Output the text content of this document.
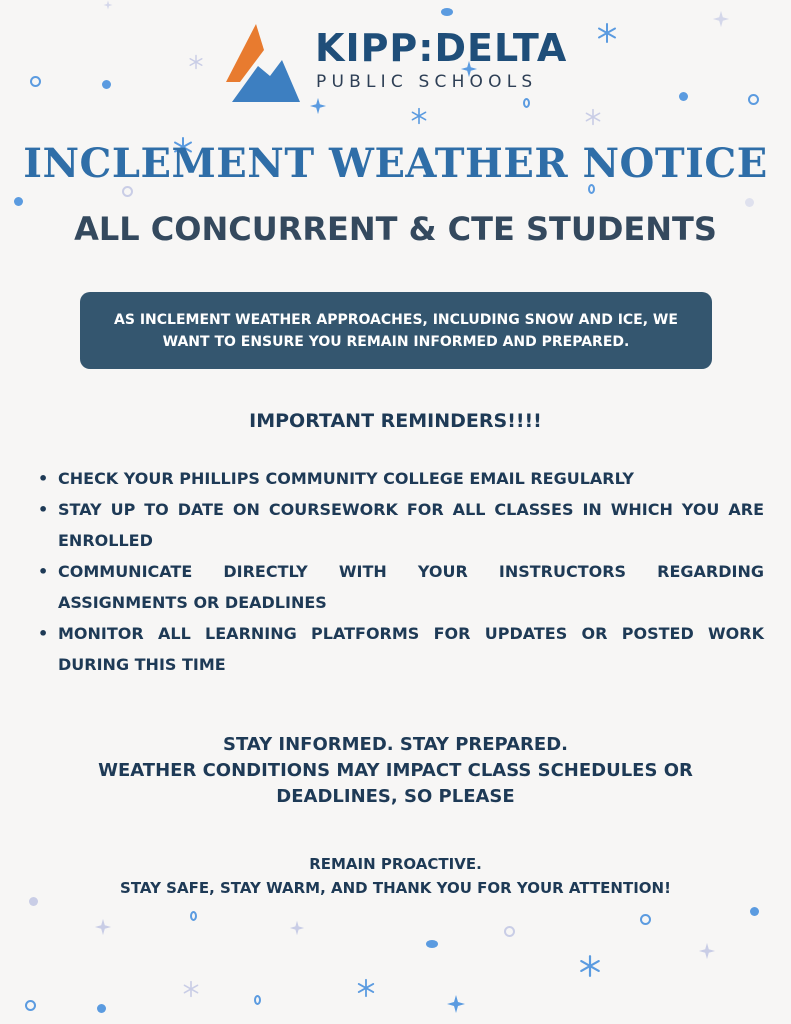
KIPP:DELTA
PUBLIC SCHOOLS
INCLEMENT WEATHER NOTICE
ALL CONCURRENT & CTE STUDENTS
AS INCLEMENT WEATHER APPROACHES, INCLUDING SNOW AND ICE, WE
WANT TO ENSURE YOU REMAIN INFORMED AND PREPARED.
IMPORTANT REMINDERS!!!!
• CHECK YOUR PHILLIPS COMMUNITY COLLEGE EMAIL REGULARLY
• STAY UP TO DATE ON COURSEWORK FOR ALL CLASSES IN WHICH YOU ARE ENROLLED
• COMMUNICATE DIRECTLY WITH YOUR INSTRUCTORS REGARDING ASSIGNMENTS OR DEADLINES
• MONITOR ALL LEARNING PLATFORMS FOR UPDATES OR POSTED WORK DURING THIS TIME
STAY INFORMED. STAY PREPARED.
WEATHER CONDITIONS MAY IMPACT CLASS SCHEDULES OR
DEADLINES, SO PLEASE
REMAIN PROACTIVE.
STAY SAFE, STAY WARM, AND THANK YOU FOR YOUR ATTENTION!
